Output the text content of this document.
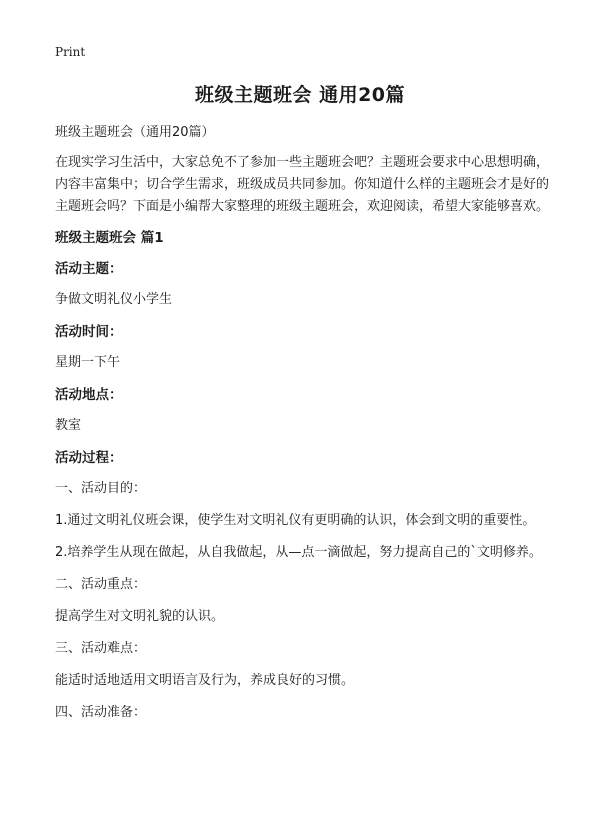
Print
班级主题班会 通用20篇

班级主题班会（通用20篇）

在现实学习生活中，大家总免不了参加一些主题班会吧？主题班会要求中心思想明确，内容丰富集中；切合学生需求，班级成员共同参加。你知道什么样的主题班会才是好的主题班会吗？下面是小编帮大家整理的班级主题班会，欢迎阅读，希望大家能够喜欢。

班级主题班会 篇1

活动主题：

争做文明礼仪小学生

活动时间：

星期一下午

活动地点：

教室

活动过程：

一、活动目的：

1.通过文明礼仪班会课，使学生对文明礼仪有更明确的认识，体会到文明的重要性。

2.培养学生从现在做起，从自我做起，从—点一滴做起，努力提高自己的`文明修养。

二、活动重点：

提高学生对文明礼貌的认识。

三、活动难点：

能适时适地适用文明语言及行为，养成良好的习惯。

四、活动准备：
